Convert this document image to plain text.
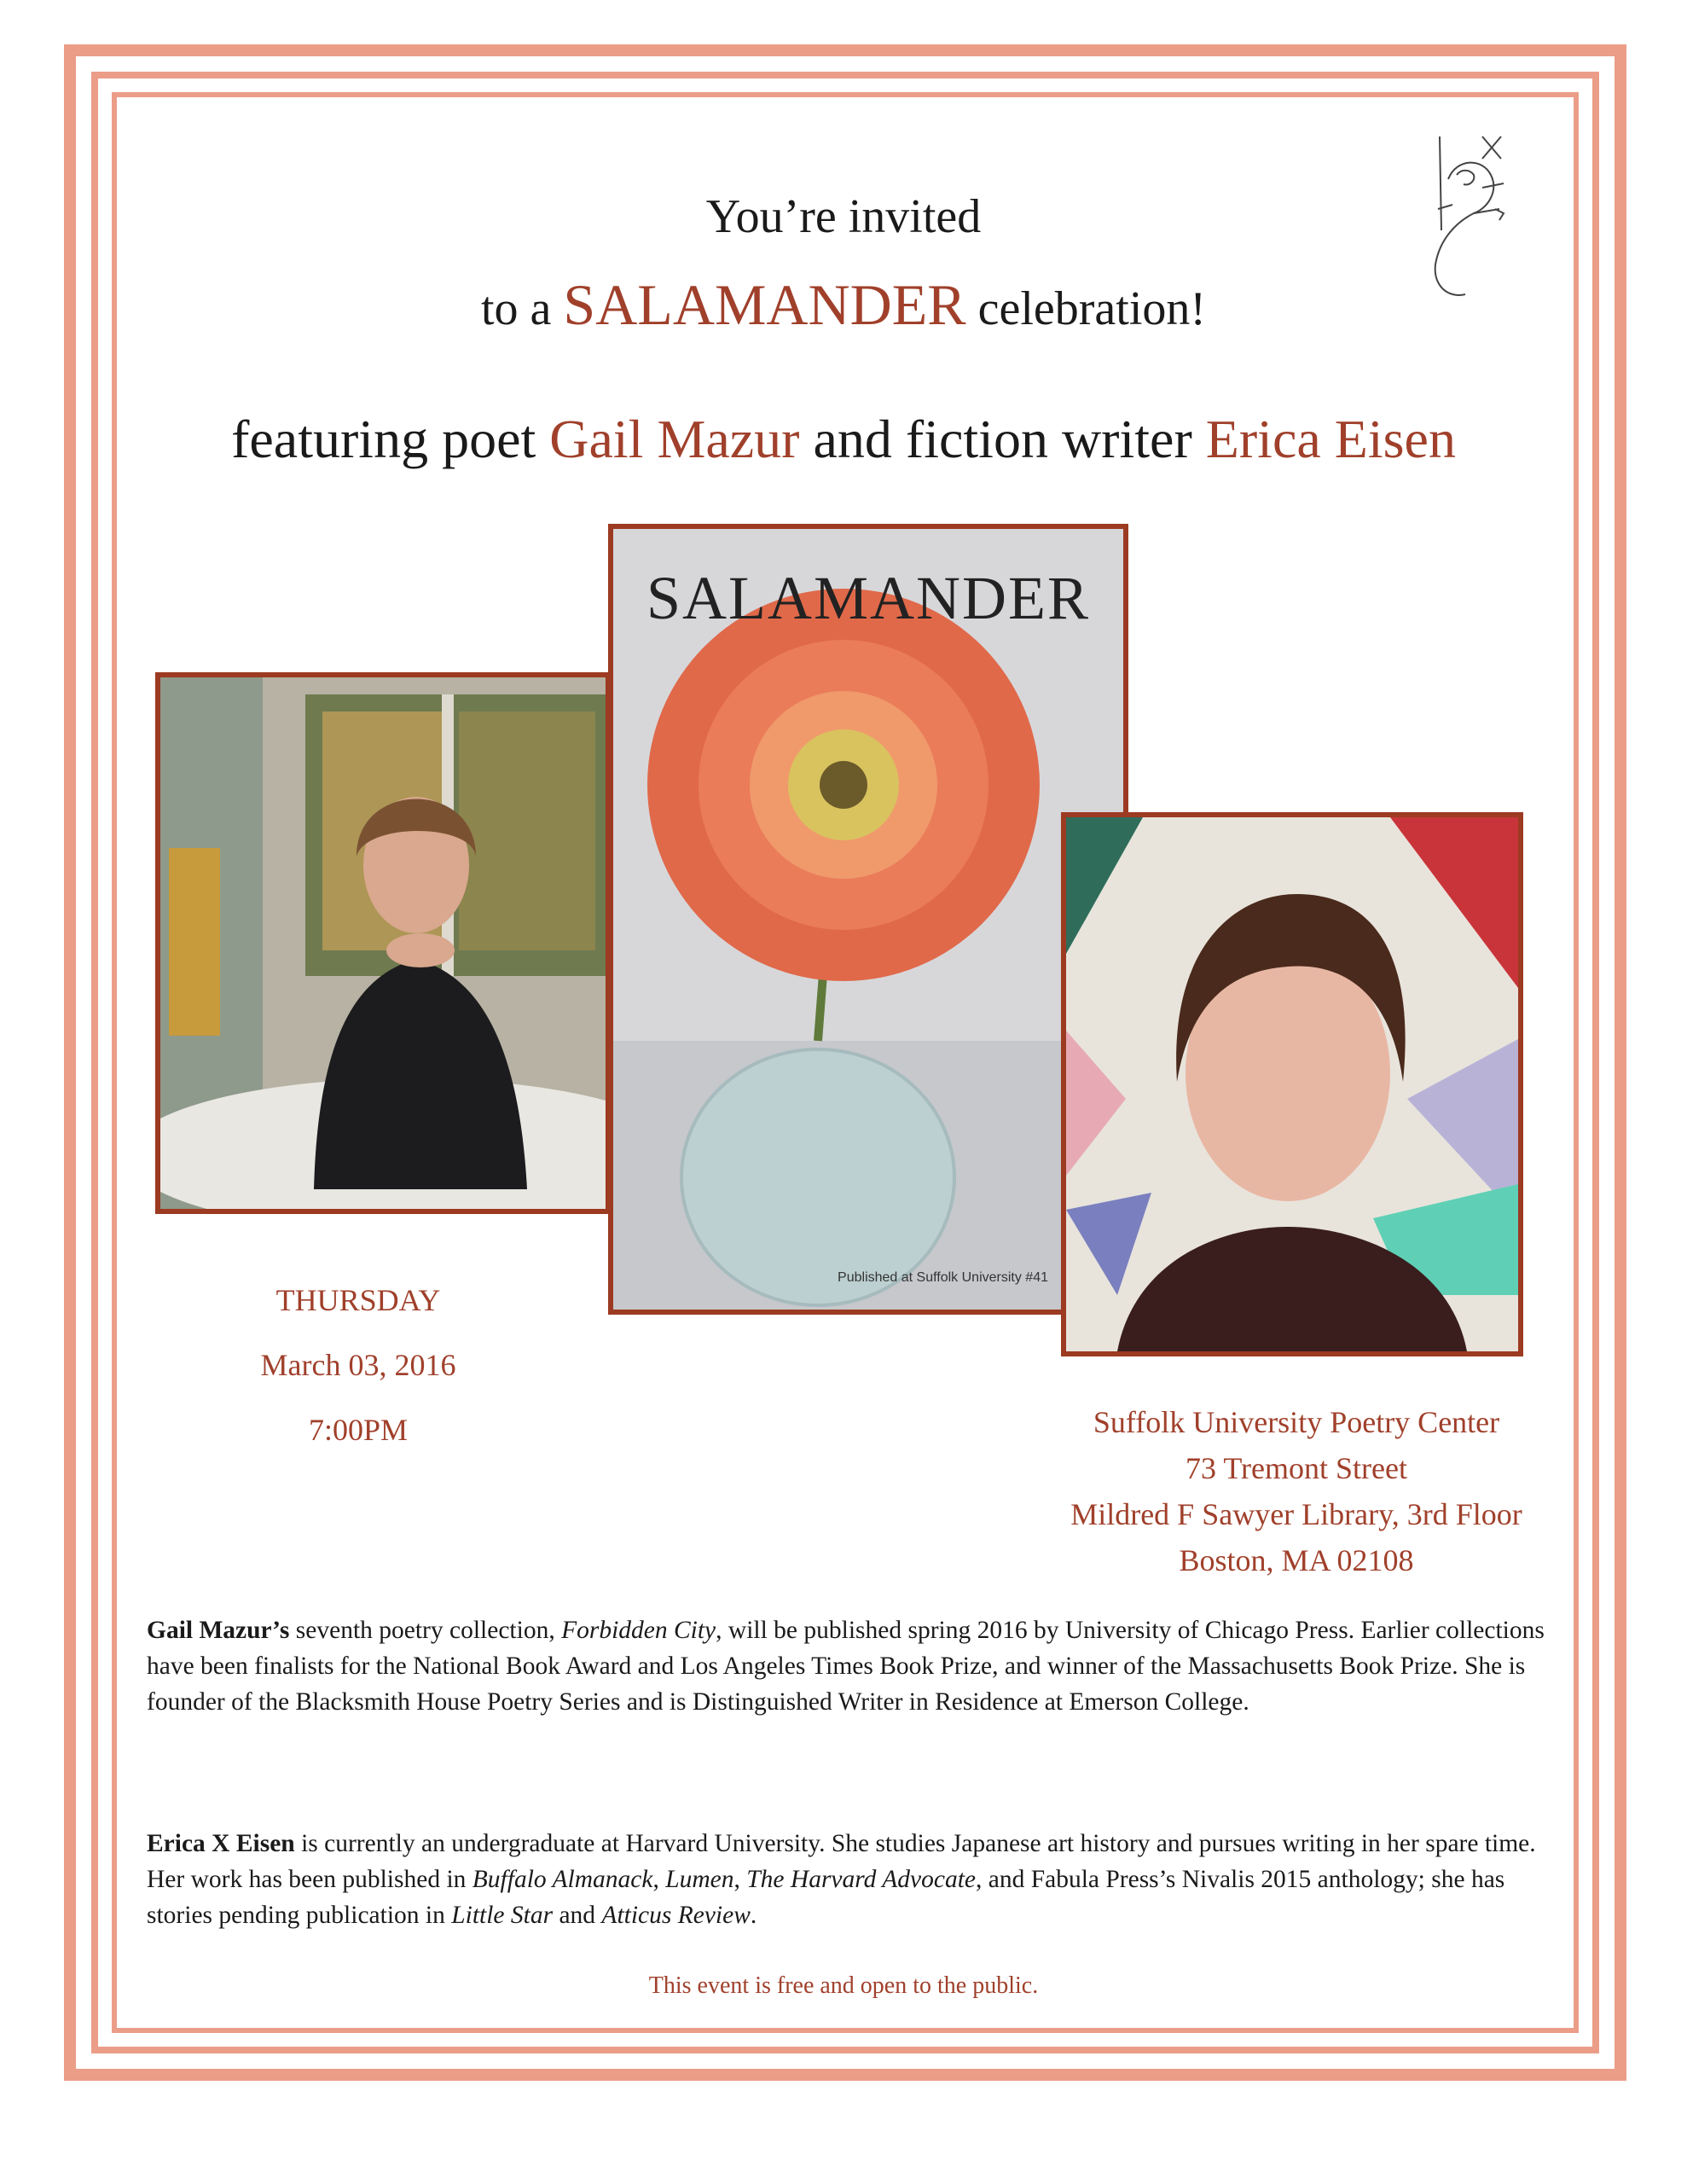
You’re invited
to a SALAMANDER celebration!
featuring poet Gail Mazur and fiction writer Erica Eisen
SALAMANDER
Published at Suffolk University #41
THURSDAY
March 03, 2016
7:00PM	Suffolk University Poetry Center
73 Tremont Street
Mildred F Sawyer Library, 3rd Floor
Boston, MA 02108
Gail Mazur’s seventh poetry collection, Forbidden City, will be published spring 2016 by University of Chicago Press. Earlier collections have been finalists for the National Book Award and Los Angeles Times Book Prize, and winner of the Massachusetts Book Prize. She is founder of the Blacksmith House Poetry Series and is Distinguished Writer in Residence at Emerson College.
Erica X Eisen is currently an undergraduate at Harvard University. She studies Japanese art history and pursues writing in her spare time. Her work has been published in Buffalo Almanack, Lumen, The Harvard Advocate, and Fabula Press’s Nivalis 2015 anthology; she has stories pending publication in Little Star and Atticus Review.
This event is free and open to the public.
